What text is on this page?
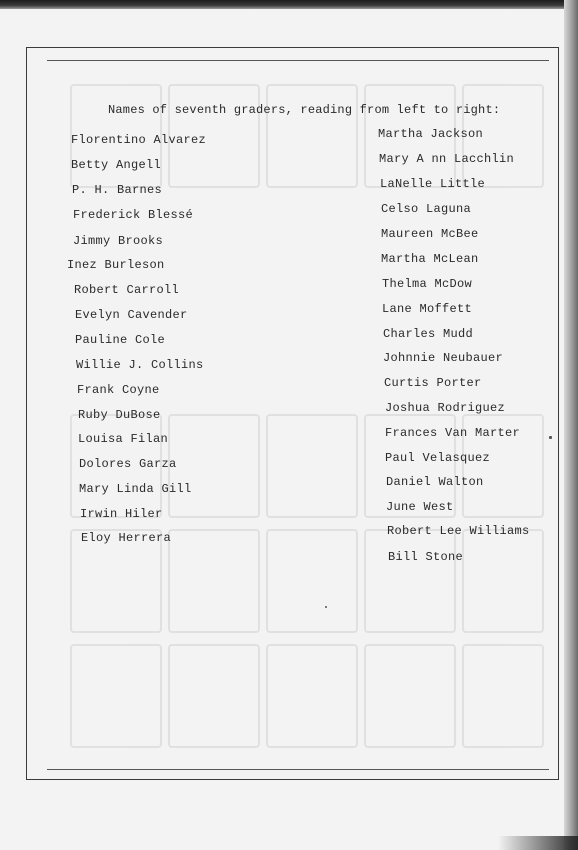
Names of seventh graders, reading from left to right:
Florentino Alvarez
Betty Angell
P. H. Barnes
Frederick Blessé
Jimmy Brooks
Inez Burleson
Robert Carroll
Evelyn Cavender
Pauline Cole
Willie J. Collins
Frank Coyne
Ruby DuBose
Louisa Filan
Dolores Garza
Mary Linda Gill
Irwin Hiler
Eloy Herrera
Martha Jackson
Mary A nn Lacchlin
LaNelle Little
Celso Laguna
Maureen McBee
Martha McLean
Thelma McDow
Lane Moffett
Charles Mudd
Johnnie Neubauer
Curtis Porter
Joshua Rodriguez
Frances Van Marter
Paul Velasquez
Daniel Walton
June West
Robert Lee Williams
Bill Stone
